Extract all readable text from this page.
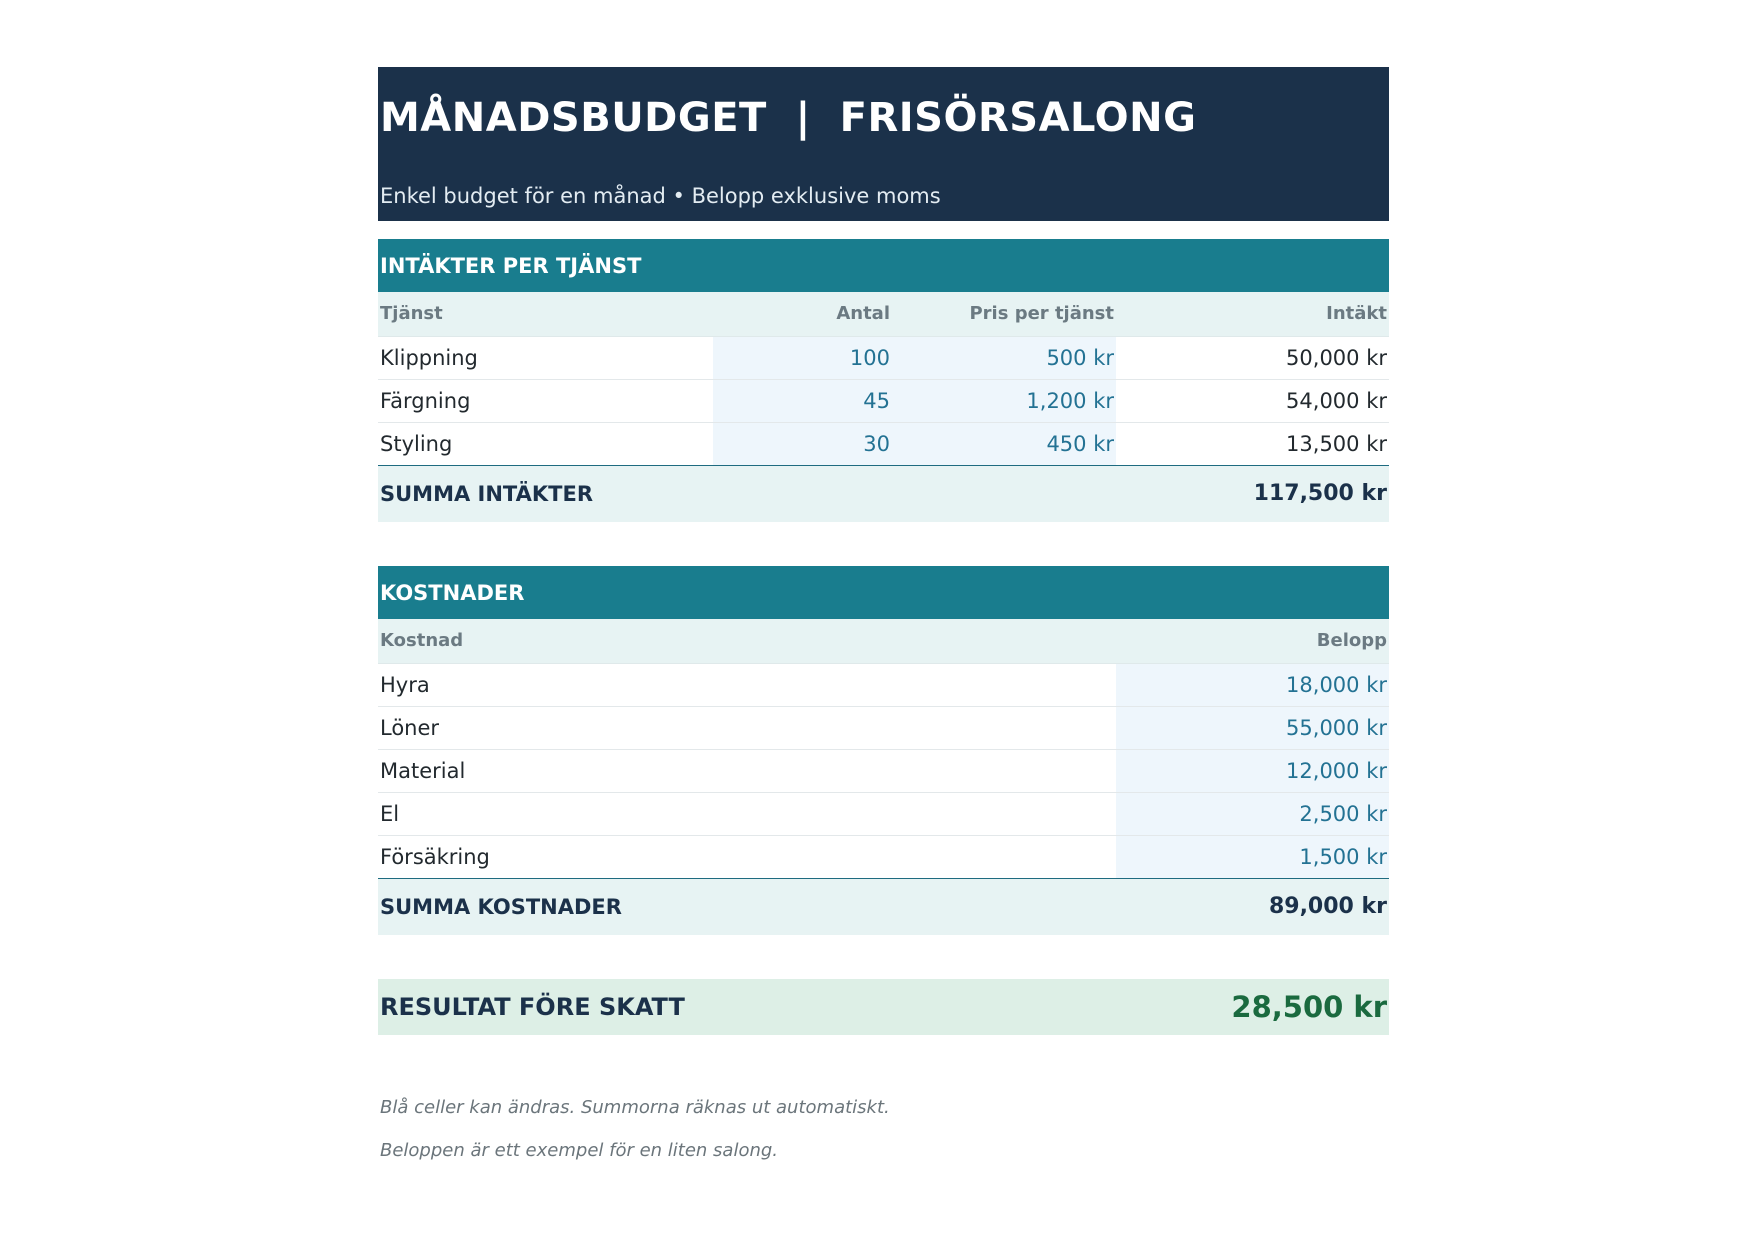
MÅNADSBUDGET  |  FRISÖRSALONG
Enkel budget för en månad • Belopp exklusive moms
INTÄKTER PER TJÄNST
Tjänst	Antal	Pris per tjänst	Intäkt
Klippning	100	500 kr	50,000 kr
Färgning	45	1,200 kr	54,000 kr
Styling	30	450 kr	13,500 kr
SUMMA INTÄKTER			117,500 kr
KOSTNADER
Kostnad	Belopp
Hyra	18,000 kr
Löner	55,000 kr
Material	12,000 kr
El	2,500 kr
Försäkring	1,500 kr
SUMMA KOSTNADER	89,000 kr
RESULTAT FÖRE SKATT	28,500 kr
Blå celler kan ändras. Summorna räknas ut automatiskt.
Beloppen är ett exempel för en liten salong.
